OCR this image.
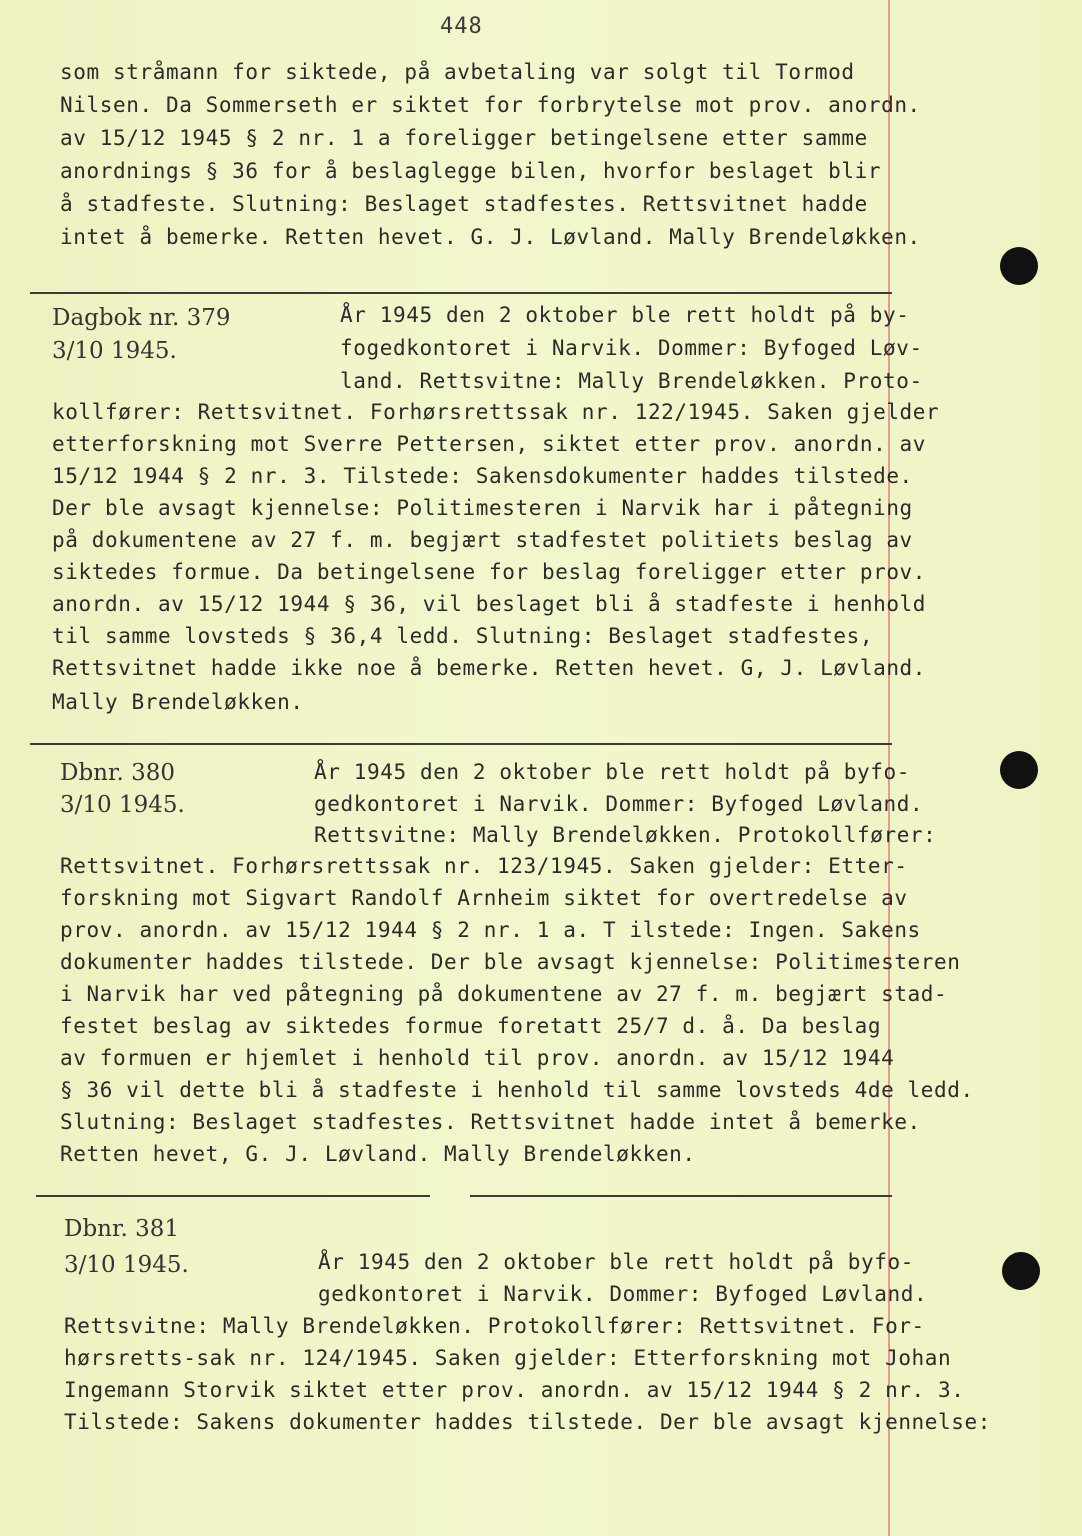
448
som stråmann for siktede, på avbetaling var solgt til Tormod
Nilsen. Da Sommerseth er siktet for forbrytelse mot prov. anordn.
av 15/12 1945 § 2 nr. 1 a foreligger betingelsene etter samme
anordnings § 36 for å beslaglegge bilen, hvorfor beslaget blir
å stadfeste. Slutning: Beslaget stadfestes. Rettsvitnet hadde
intet å bemerke. Retten hevet. G. J. Løvland. Mally Brendeløkken.
Dagbok nr. 379
3/10 1945.
År 1945 den 2 oktober ble rett holdt på by-
fogedkontoret i Narvik. Dommer: Byfoged Løv-
land. Rettsvitne: Mally Brendeløkken. Proto-
kollfører: Rettsvitnet. Forhørsrettssak nr. 122/1945. Saken gjelder
etterforskning mot Sverre Pettersen, siktet etter prov. anordn. av
15/12 1944 § 2 nr. 3. Tilstede: Sakensdokumenter haddes tilstede.
Der ble avsagt kjennelse: Politimesteren i Narvik har i påtegning
på dokumentene av 27 f. m. begjært stadfestet politiets beslag av
siktedes formue. Da betingelsene for beslag foreligger etter prov.
anordn. av 15/12 1944 § 36, vil beslaget bli å stadfeste i henhold
til samme lovsteds § 36,4 ledd. Slutning: Beslaget stadfestes,
Rettsvitnet hadde ikke noe å bemerke. Retten hevet. G, J. Løvland.
Mally Brendeløkken.
Dbnr. 380
3/10 1945.
År 1945 den 2 oktober ble rett holdt på byfo-
gedkontoret i Narvik. Dommer: Byfoged Løvland.
Rettsvitne: Mally Brendeløkken. Protokollfører:
Rettsvitnet. Forhørsrettssak nr. 123/1945. Saken gjelder: Etter-
forskning mot Sigvart Randolf Arnheim siktet for overtredelse av
prov. anordn. av 15/12 1944 § 2 nr. 1 a. T ilstede: Ingen. Sakens
dokumenter haddes tilstede. Der ble avsagt kjennelse: Politimesteren
i Narvik har ved påtegning på dokumentene av 27 f. m. begjært stad-
festet beslag av siktedes formue foretatt 25/7 d. å. Da beslag
av formuen er hjemlet i henhold til prov. anordn. av 15/12 1944
§ 36 vil dette bli å stadfeste i henhold til samme lovsteds 4de ledd.
Slutning: Beslaget stadfestes. Rettsvitnet hadde intet å bemerke.
Retten hevet, G. J. Løvland. Mally Brendeløkken.
Dbnr. 381
3/10 1945.	År 1945 den 2 oktober ble rett holdt på byfo-
gedkontoret i Narvik. Dommer: Byfoged Løvland.
Rettsvitne: Mally Brendeløkken. Protokollfører: Rettsvitnet. For-
hørsretts-sak nr. 124/1945. Saken gjelder: Etterforskning mot Johan
Ingemann Storvik siktet etter prov. anordn. av 15/12 1944 § 2 nr. 3.
Tilstede: Sakens dokumenter haddes tilstede. Der ble avsagt kjennelse:
